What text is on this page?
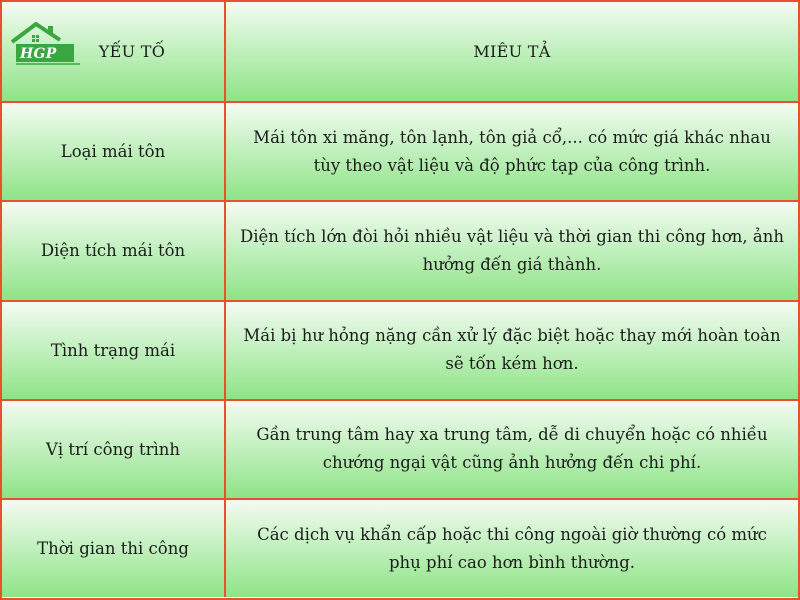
HGP	YẾU TỐ	MIÊU TẢ
Loại mái tôn
Mái tôn xi măng, tôn lạnh, tôn giả cổ,... có mức giá khác nhau tùy theo vật liệu và độ phức tạp của công trình.
Diện tích mái tôn
Diện tích lớn đòi hỏi nhiều vật liệu và thời gian thi công hơn, ảnh hưởng đến giá thành.
Tình trạng mái
Mái bị hư hỏng nặng cần xử lý đặc biệt hoặc thay mới hoàn toàn sẽ tốn kém hơn.
Vị trí công trình
Gần trung tâm hay xa trung tâm, dễ di chuyển hoặc có nhiều chướng ngại vật cũng ảnh hưởng đến chi phí.
Thời gian thi công
Các dịch vụ khẩn cấp hoặc thi công ngoài giờ thường có mức phụ phí cao hơn bình thường.
